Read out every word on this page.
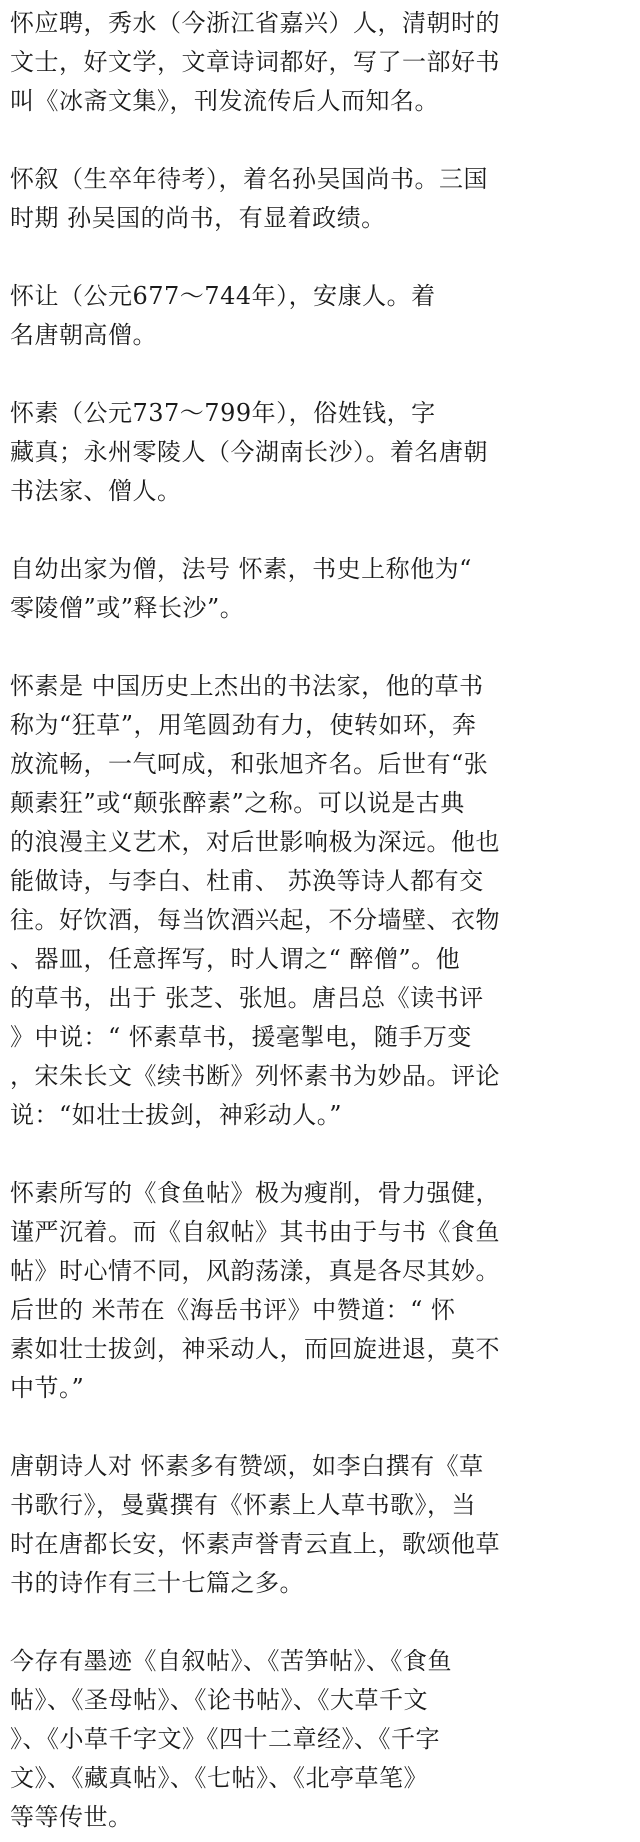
怀应聘，秀水（今浙江省嘉兴）人，清朝时的
文士，好文学，文章诗词都好，写了一部好书
叫《冰斋文集》，刊发流传后人而知名。
怀叙（生卒年待考），着名孙吴国尚书。三国
时期 孙吴国的尚书，有显着政绩。
怀让（公元677～744年），安康人。着
名唐朝高僧。
怀素（公元737～799年），俗姓钱，字
藏真；永州零陵人（今湖南长沙）。着名唐朝
书法家、僧人。
自幼出家为僧，法号 怀素，书史上称他为“
零陵僧”或”释长沙”。
怀素是 中国历史上杰出的书法家，他的草书
称为“狂草”，用笔圆劲有力，使转如环，奔
放流畅，一气呵成，和张旭齐名。后世有“张
颠素狂”或“颠张醉素”之称。可以说是古典
的浪漫主义艺术，对后世影响极为深远。他也
能做诗，与李白、杜甫、 苏涣等诗人都有交
往。好饮酒，每当饮酒兴起，不分墙壁、衣物
、器皿，任意挥写，时人谓之“ 醉僧”。他
的草书，出于 张芝、张旭。唐吕总《读书评
》中说：“ 怀素草书，援毫掣电，随手万变
，宋朱长文《续书断》列怀素书为妙品。评论
说：“如壮士拔剑，神彩动人。”
怀素所写的《食鱼帖》极为瘦削，骨力强健，
谨严沉着。而《自叙帖》其书由于与书《食鱼
帖》时心情不同，风韵荡漾，真是各尽其妙。
后世的 米芾在《海岳书评》中赞道：“ 怀
素如壮士拔剑，神采动人，而回旋进退，莫不
中节。”
唐朝诗人对 怀素多有赞颂，如李白撰有《草
书歌行》，曼冀撰有《怀素上人草书歌》，当
时在唐都长安，怀素声誉青云直上，歌颂他草
书的诗作有三十七篇之多。
今存有墨迹《自叙帖》、《苦笋帖》、《食鱼
帖》、《圣母帖》、《论书帖》、《大草千文
》、《小草千字文》《四十二章经》、《千字
文》、《藏真帖》、《七帖》、《北亭草笔》
等等传世。
